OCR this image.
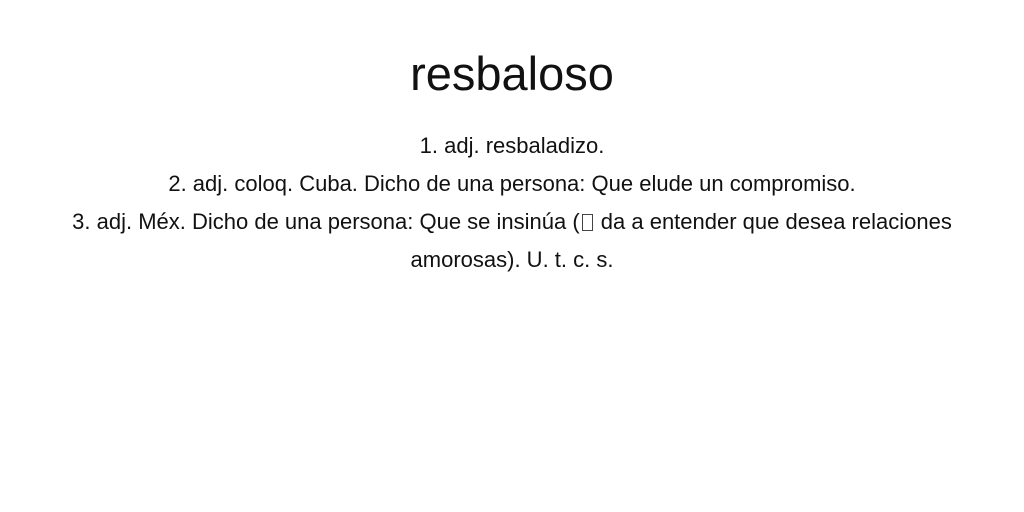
resbaloso
1. adj. resbaladizo.
2. adj. coloq. Cuba. Dicho de una persona: Que elude un compromiso.
3. adj. Méx. Dicho de una persona: Que se insinúa ( da a entender que desea relaciones amorosas). U. t. c. s.
